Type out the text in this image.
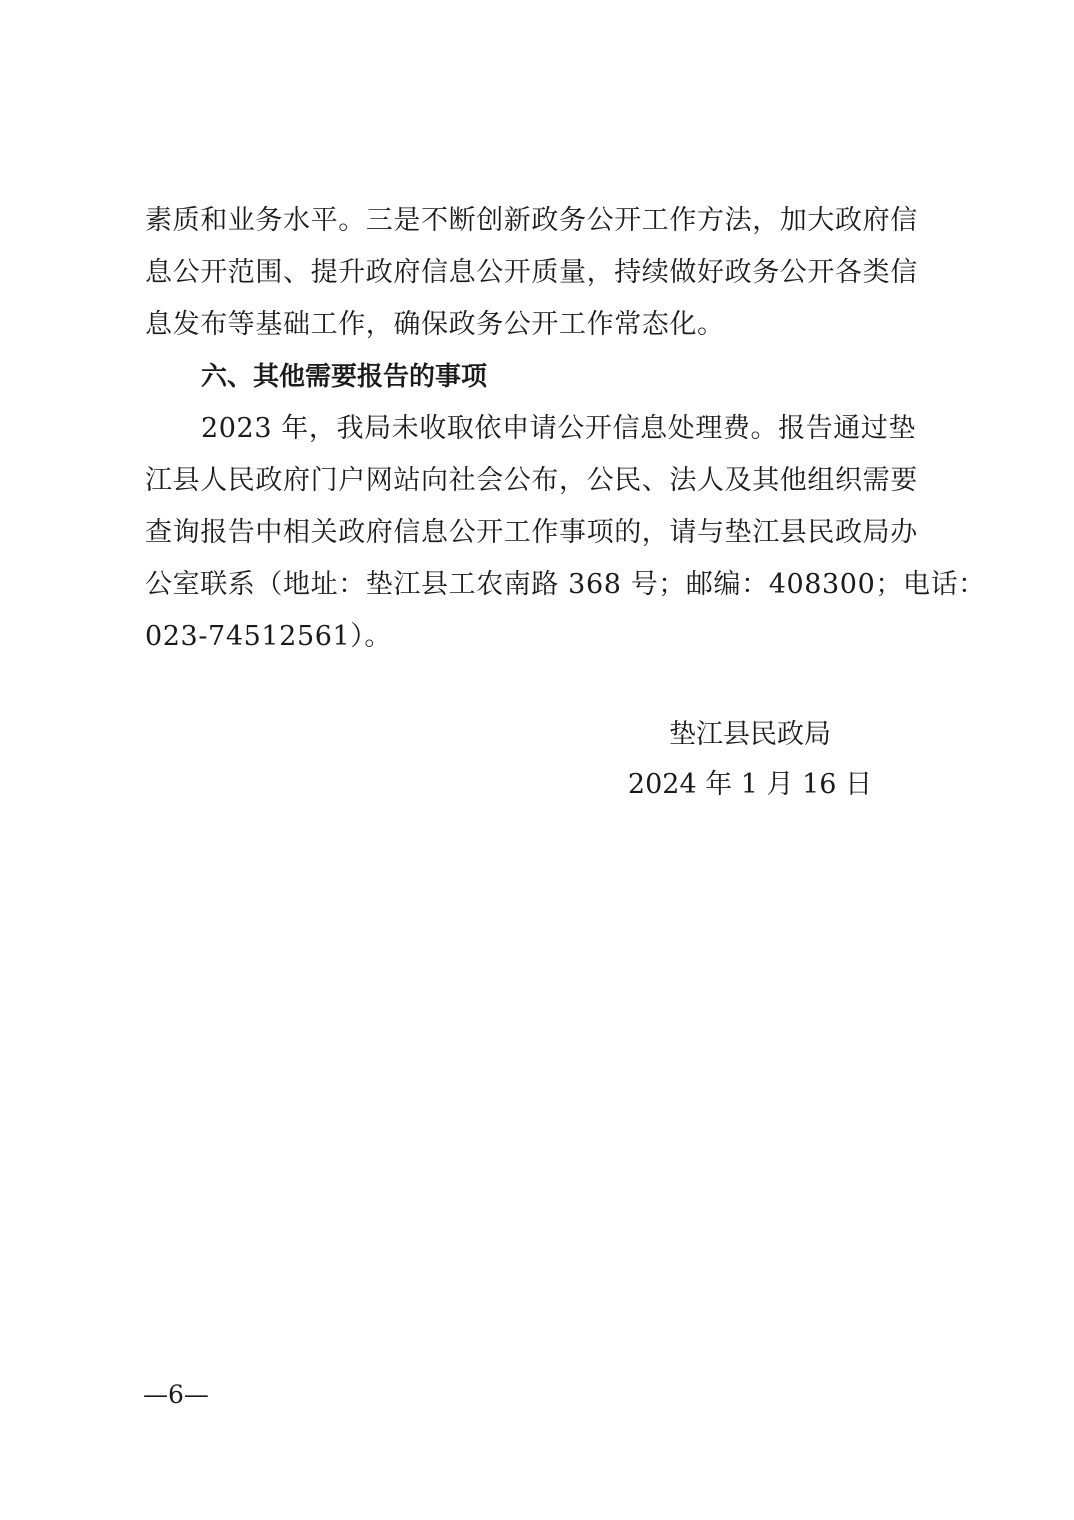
素质和业务水平。三是不断创新政务公开工作方法，加大政府信
息公开范围、提升政府信息公开质量，持续做好政务公开各类信
息发布等基础工作，确保政务公开工作常态化。
六、其他需要报告的事项
2023 年，我局未收取依申请公开信息处理费。报告通过垫
江县人民政府门户网站向社会公布，公民、法人及其他组织需要
查询报告中相关政府信息公开工作事项的，请与垫江县民政局办
公室联系（地址：垫江县工农南路 368 号；邮编：408300；电话：
023-74512561）。
垫江县民政局
2024 年 1 月 16 日
—6—
